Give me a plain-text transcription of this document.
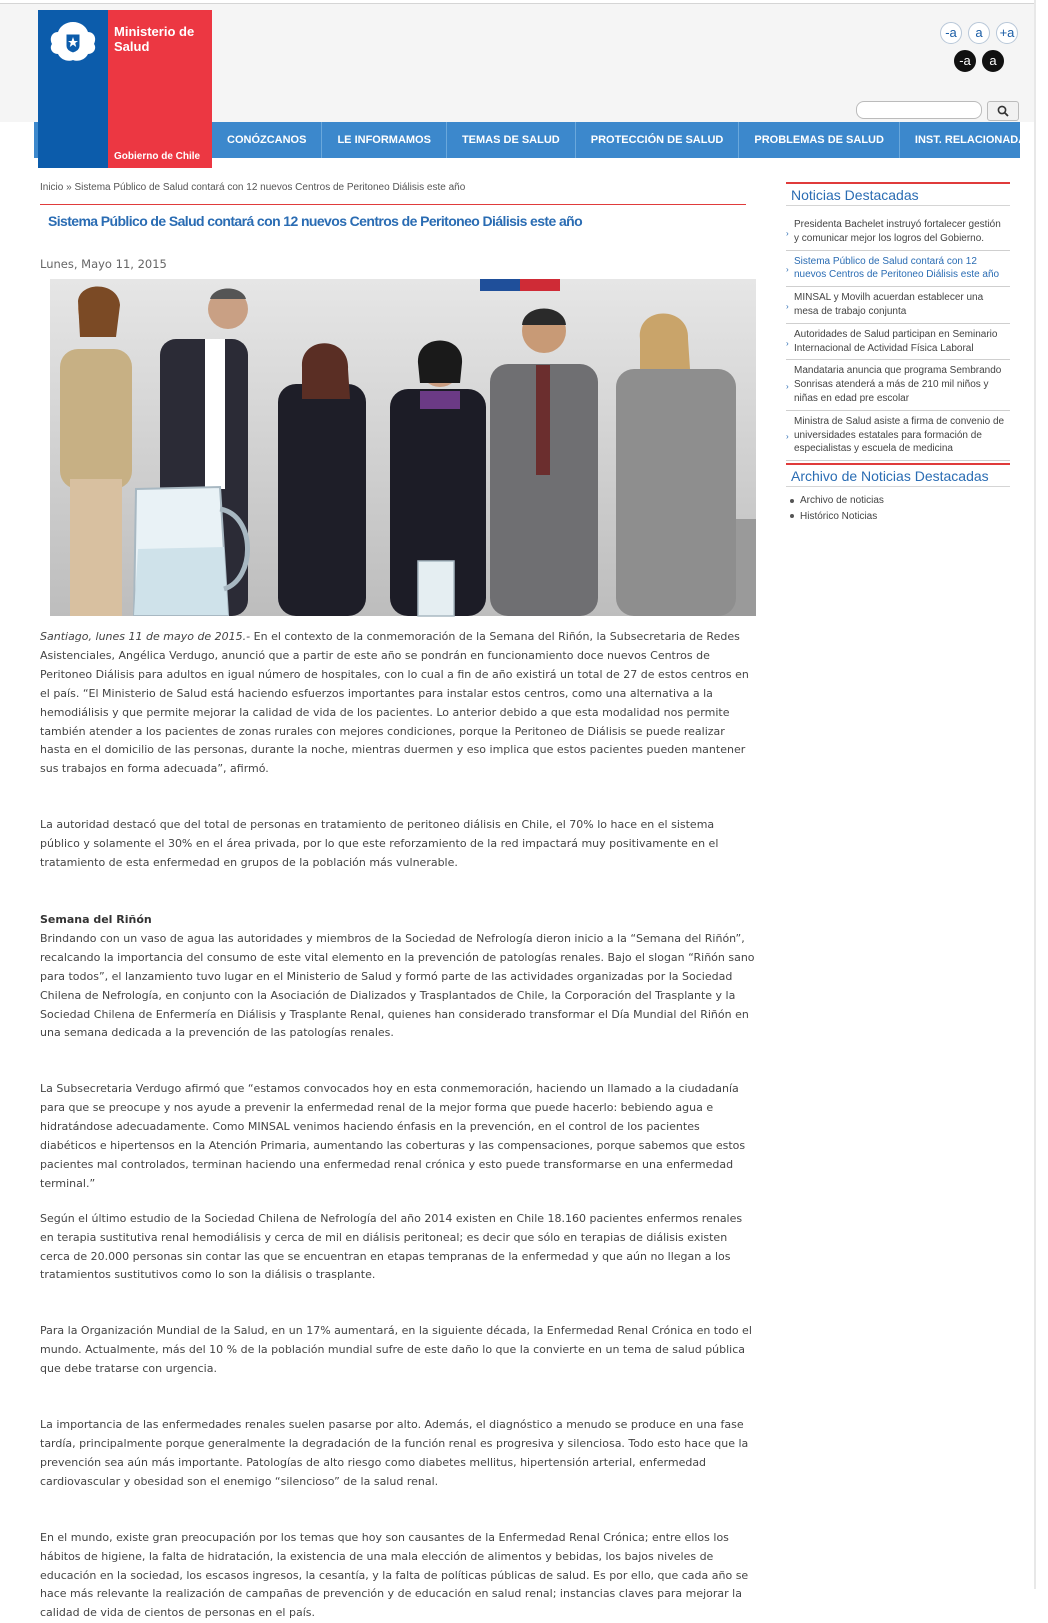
-a	a	+a
-a	a
Ministerio de Salud
Gobierno de Chile
CONÓZCANOS	LE INFORMAMOS	TEMAS DE SALUD	PROTECCIÓN DE SALUD	PROBLEMAS DE SALUD	INST. RELACIONADAS
Inicio » Sistema Público de Salud contará con 12 nuevos Centros de Peritoneo Diálisis este año
Sistema Público de Salud contará con 12 nuevos Centros de Peritoneo Diálisis este año
Lunes, Mayo 11, 2015

Santiago, lunes 11 de mayo de 2015.- En el contexto de la conmemoración de la Semana del Riñón, la Subsecretaria de Redes Asistenciales, Angélica Verdugo, anunció que a partir de este año se pondrán en funcionamiento doce nuevos Centros de Peritoneo Diálisis para adultos en igual número de hospitales, con lo cual a fin de año existirá un total de 27 de estos centros en el país. “El Ministerio de Salud está haciendo esfuerzos importantes para instalar estos centros, como una alternativa a la hemodiálisis y que permite mejorar la calidad de vida de los pacientes. Lo anterior debido a que esta modalidad nos permite también atender a los pacientes de zonas rurales con mejores condiciones, porque la Peritoneo de Diálisis se puede realizar hasta en el domicilio de las personas, durante la noche, mientras duermen y eso implica que estos pacientes pueden mantener sus trabajos en forma adecuada”, afirmó.

La autoridad destacó que del total de personas en tratamiento de peritoneo diálisis en Chile, el 70% lo hace en el sistema público y solamente el 30% en el área privada, por lo que este reforzamiento de la red impactará muy positivamente en el tratamiento de esta enfermedad en grupos de la población más vulnerable.

Semana del Riñón

Brindando con un vaso de agua las autoridades y miembros de la Sociedad de Nefrología dieron inicio a la “Semana del Riñón”, recalcando la importancia del consumo de este vital elemento en la prevención de patologías renales. Bajo el slogan “Riñón sano para todos”, el lanzamiento tuvo lugar en el Ministerio de Salud y formó parte de las actividades organizadas por la Sociedad Chilena de Nefrología, en conjunto con la Asociación de Dializados y Trasplantados de Chile, la Corporación del Trasplante y la Sociedad Chilena de Enfermería en Diálisis y Trasplante Renal, quienes han considerado transformar el Día Mundial del Riñón en una semana dedicada a la prevención de las patologías renales.

La Subsecretaria Verdugo afirmó que “estamos convocados hoy en esta conmemoración, haciendo un llamado a la ciudadanía para que se preocupe y nos ayude a prevenir la enfermedad renal de la mejor forma que puede hacerlo: bebiendo agua e hidratándose adecuadamente. Como MINSAL venimos haciendo énfasis en la prevención, en el control de los pacientes diabéticos e hipertensos en la Atención Primaria, aumentando las coberturas y las compensaciones, porque sabemos que estos pacientes mal controlados, terminan haciendo una enfermedad renal crónica y esto puede transformarse en una enfermedad terminal.”

Según el último estudio de la Sociedad Chilena de Nefrología del año 2014 existen en Chile 18.160 pacientes enfermos renales en terapia sustitutiva renal hemodiálisis y cerca de mil en diálisis peritoneal; es decir que sólo en terapias de diálisis existen cerca de 20.000 personas sin contar las que se encuentran en etapas tempranas de la enfermedad y que aún no llegan a los tratamientos sustitutivos como lo son la diálisis o trasplante.

Para la Organización Mundial de la Salud, en un 17% aumentará, en la siguiente década, la Enfermedad Renal Crónica en todo el mundo. Actualmente, más del 10 % de la población mundial sufre de este daño lo que la convierte en un tema de salud pública que debe tratarse con urgencia.

La importancia de las enfermedades renales suelen pasarse por alto. Además, el diagnóstico a menudo se produce en una fase tardía, principalmente porque generalmente la degradación de la función renal es progresiva y silenciosa. Todo esto hace que la prevención sea aún más importante. Patologías de alto riesgo como diabetes mellitus, hipertensión arterial, enfermedad cardiovascular y obesidad son el enemigo “silencioso” de la salud renal.

En el mundo, existe gran preocupación por los temas que hoy son causantes de la Enfermedad Renal Crónica; entre ellos los hábitos de higiene, la falta de hidratación, la existencia de una mala elección de alimentos y bebidas, los bajos niveles de educación en la sociedad, los escasos ingresos, la cesantía, y la falta de políticas públicas de salud. Es por ello, que cada año se hace más relevante la realización de campañas de prevención y de educación en salud renal; instancias claves para mejorar la calidad de vida de cientos de personas en el país.

Noticias Destacadas
›
Presidenta Bachelet instruyó fortalecer gestión y comunicar mejor los logros del Gobierno.
›
Sistema Público de Salud contará con 12 nuevos Centros de Peritoneo Diálisis este año
›
MINSAL y Movilh acuerdan establecer una mesa de trabajo conjunta
›
Autoridades de Salud participan en Seminario Internacional de Actividad Física Laboral
›
Mandataria anuncia que programa Sembrando Sonrisas atenderá a más de 210 mil niños y niñas en edad pre escolar
›
Ministra de Salud asiste a firma de convenio de universidades estatales para formación de especialistas y escuela de medicina
Archivo de Noticias Destacadas
Archivo de noticias
Histórico Noticias
